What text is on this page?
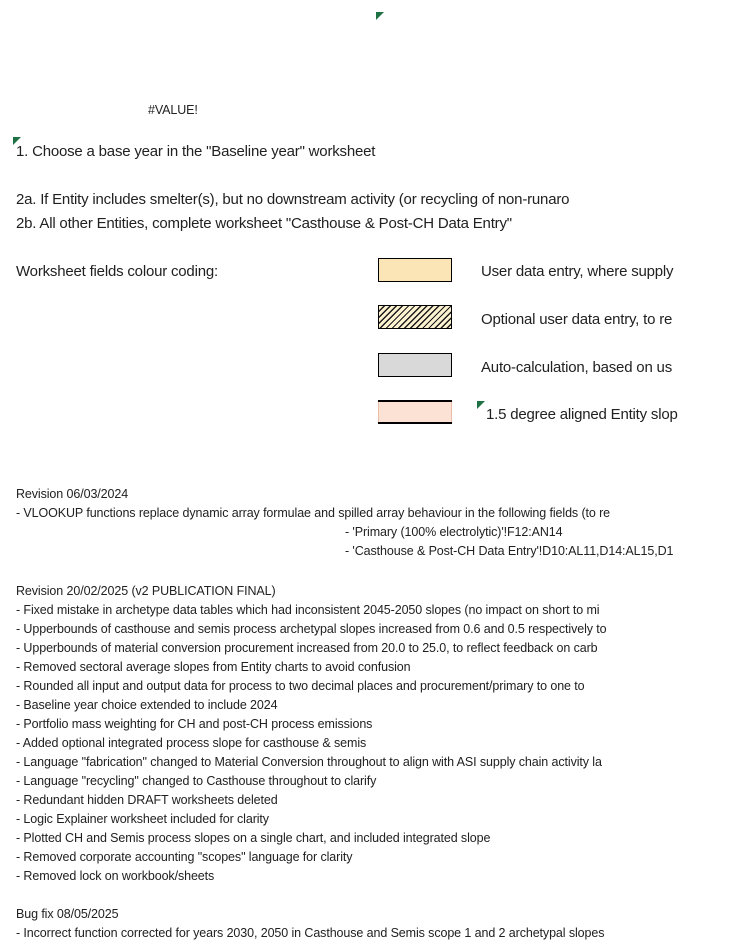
#VALUE!
1. Choose a base year in the "Baseline year" worksheet
2a. If Entity includes smelter(s), but no downstream activity (or recycling of non-runaro
2b. All other Entities, complete worksheet "Casthouse & Post-CH Data Entry"
Worksheet fields colour coding:	User data entry, where supply
Optional user data entry, to re
Auto-calculation, based on us
1.5 degree aligned Entity slop
Revision 06/03/2024
- VLOOKUP functions replace dynamic array formulae and spilled array behaviour in the following fields (to re
- 'Primary (100% electrolytic)'!F12:AN14
- 'Casthouse & Post-CH Data Entry'!D10:AL11,D14:AL15,D1
Revision 20/02/2025 (v2 PUBLICATION FINAL)
- Fixed mistake in archetype data tables which had inconsistent 2045-2050 slopes (no impact on short to mi
- Upperbounds of casthouse and semis process archetypal slopes increased from 0.6 and 0.5 respectively to
- Upperbounds of material conversion procurement increased from 20.0 to 25.0, to reflect feedback on carb
- Removed sectoral average slopes from Entity charts to avoid confusion
- Rounded all input and output data for process to two decimal places and procurement/primary to one to
- Baseline year choice extended to include 2024
- Portfolio mass weighting for CH and post-CH process emissions
- Added optional integrated process slope for casthouse & semis
- Language "fabrication" changed to Material Conversion throughout to align with ASI supply chain activity la
- Language "recycling" changed to Casthouse throughout to clarify
- Redundant hidden DRAFT worksheets deleted
- Logic Explainer worksheet included for clarity
- Plotted CH and Semis process slopes on a single chart, and included integrated slope
- Removed corporate accounting "scopes" language for clarity
- Removed lock on workbook/sheets
Bug fix 08/05/2025
- Incorrect function corrected for years 2030, 2050 in Casthouse and Semis scope 1 and 2 archetypal slopes
